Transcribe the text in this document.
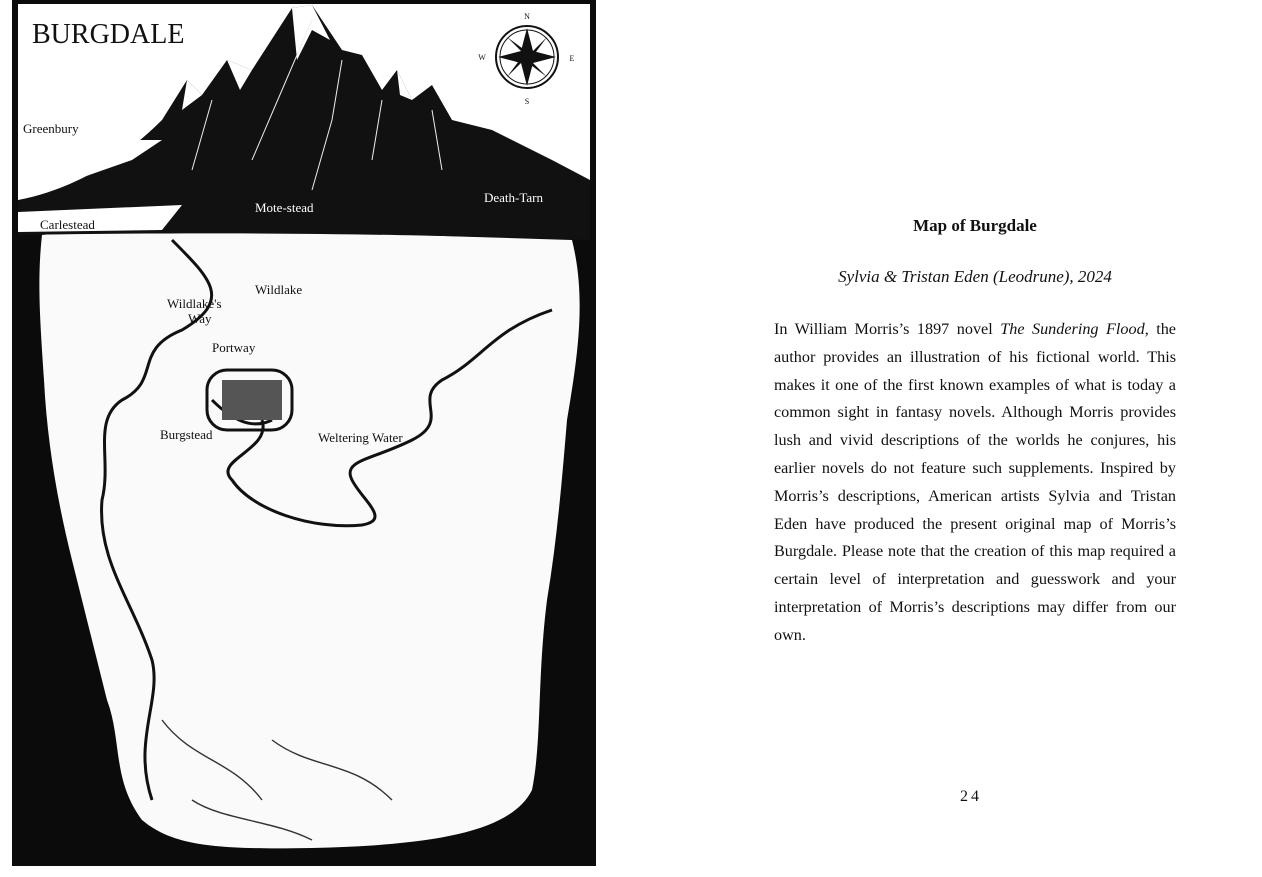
N
S
W	E
BURGDALE
Greenbury
Carlestead
Mote-stead
Death-Tarn
Wildlake's
Way
Wildlake
Portway
Burgstead	Weltering Water
Map of Burgdale
Sylvia & Tristan Eden (Leodrune), 2024
In William Morris’s 1897 novel The Sundering Flood, the author provides an illustration of his fictional world. This makes it one of the first known examples of what is today a common sight in fantasy novels. Although Morris provides lush and vivid descriptions of the worlds he conjures, his earlier novels do not feature such supplements. Inspired by Morris’s descriptions, American artists Sylvia and Tristan Eden have produced the present original map of Morris’s Burgdale. Please note that the creation of this map required a certain level of interpretation and guesswork and your interpretation of Morris’s descriptions may differ from our own.
24
